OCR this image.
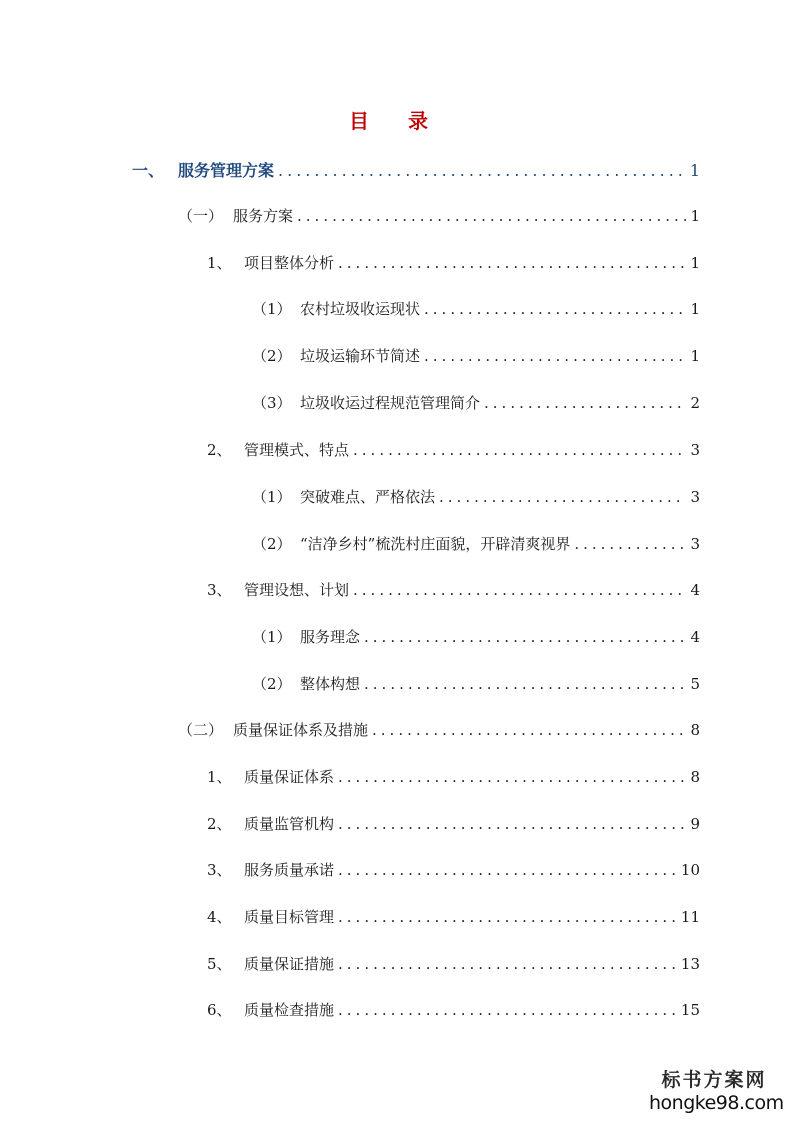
目 录
一、 服务管理方案 .....	1
（一） 服务方案 .....	1
1、 项目整体分析 .....	1
（1） 农村垃圾收运现状 .....	1
（2） 垃圾运输环节简述 .....	1
（3） 垃圾收运过程规范管理简介 .....	2
2、 管理模式、特点 .....	3
（1） 突破难点、严格依法 .....	3
（2） “洁净乡村”梳洗村庄面貌，开辟清爽视界 .....	3
3、 管理设想、计划 .....	4
（1） 服务理念 .....	4
（2） 整体构想 .....	5
（二） 质量保证体系及措施 .....	8
1、 质量保证体系 .....	8
2、 质量监管机构 .....	9
3、 服务质量承诺 .....	10
4、 质量目标管理 .....	11
5、 质量保证措施 .....	13
6、 质量检查措施 .....	15
标书方案网
hongke98.com
